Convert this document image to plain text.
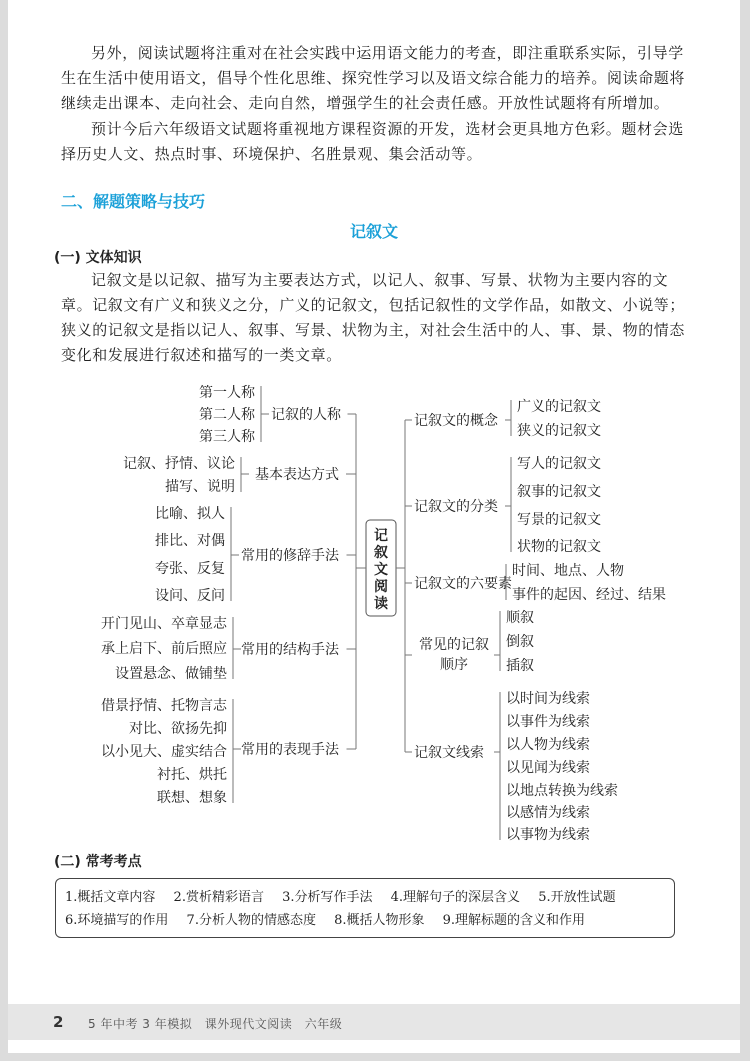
另外，阅读试题将注重对在社会实践中运用语文能力的考查，即注重联系实际，引导学生在生活中使用语文，倡导个性化思维、探究性学习以及语文综合能力的培养。阅读命题将继续走出课本、走向社会、走向自然，增强学生的社会责任感。开放性试题将有所增加。

预计今后六年级语文试题将重视地方课程资源的开发，选材会更具地方色彩。题材会选择历史人文、热点时事、环境保护、名胜景观、集会活动等。

二、解题策略与技巧
记叙文
(一) 文体知识

记叙文是以记叙、描写为主要表达方式，以记人、叙事、写景、状物为主要内容的文章。记叙文有广义和狭义之分，广义的记叙文，包括记叙性的文学作品，如散文、小说等；狭义的记叙文是指以记人、叙事、写景、状物为主，对社会生活中的人、事、景、物的情态变化和发展进行叙述和描写的一类文章。

第一人称
第二人称
第三人称
记叙的人称
记叙、抒情、议论
描写、说明
基本表达方式
比喻、拟人
排比、对偶
夸张、反复
设问、反问
常用的修辞手法
开门见山、卒章显志
承上启下、前后照应
设置悬念、做铺垫
常用的结构手法
借景抒情、托物言志
对比、欲扬先抑
以小见大、虚实结合
衬托、烘托
联想、想象
常用的表现手法
记
叙
文
阅
读
记叙文的概念
广义的记叙文
狭义的记叙文
记叙文的分类
写人的记叙文
叙事的记叙文
写景的记叙文
状物的记叙文
记叙文的六要素
时间、地点、人物
事件的起因、经过、结果
常见的记叙
顺序
顺叙
倒叙
插叙
记叙文线索
以时间为线索
以事件为线索
以人物为线索
以见闻为线索
以地点转换为线索
以感情为线索
以事物为线索
(二) 常考考点
1.概括文章内容 2.赏析精彩语言 3.分析写作手法 4.理解句子的深层含义 5.开放性试题 6.环境描写的作用 7.分析人物的情感态度 8.概括人物形象 9.理解标题的含义和作用
2 5 年中考 3 年模拟　课外现代文阅读　六年级
